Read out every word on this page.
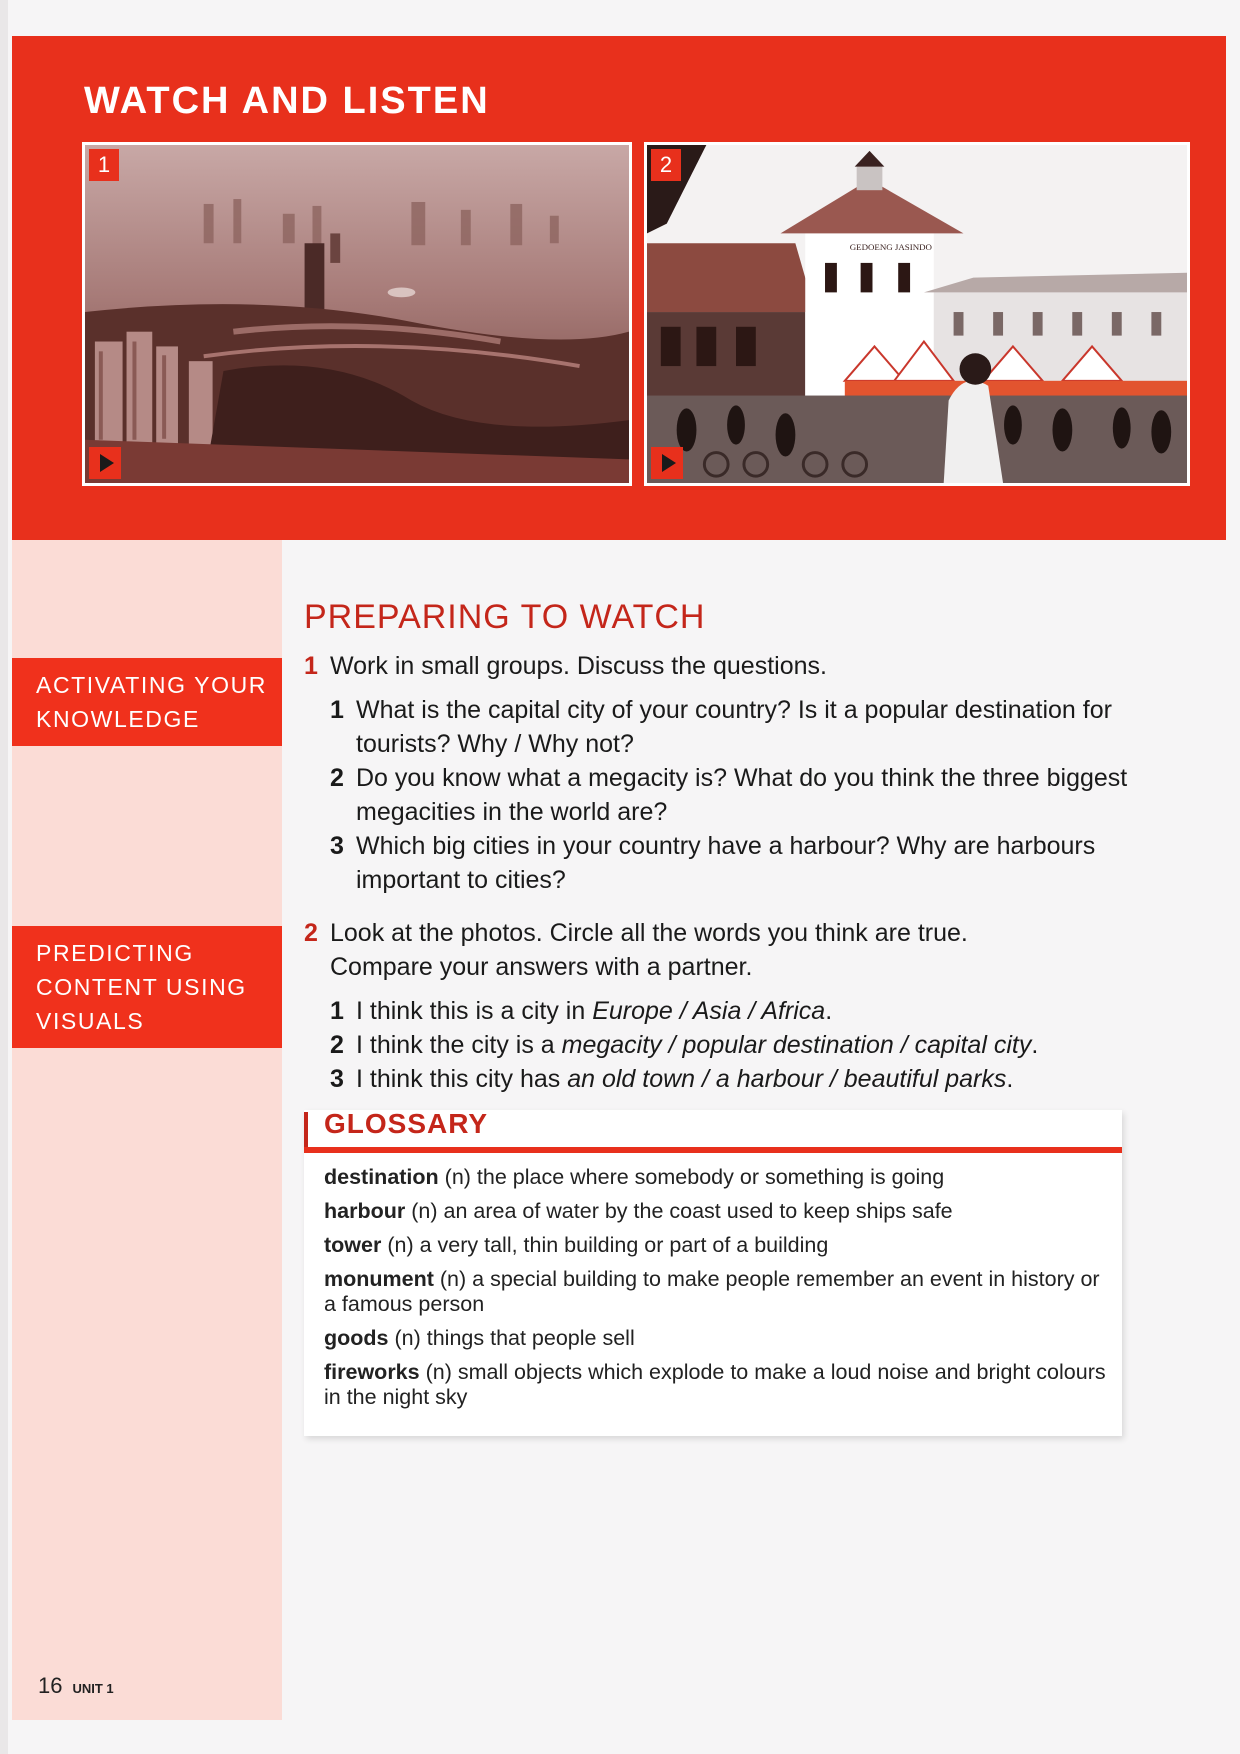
WATCH AND LISTEN
1
GEDOENG JASINDO
2
ACTIVATING YOUR KNOWLEDGE
PREDICTING CONTENT USING VISUALS
PREPARING TO WATCH
1 Work in small groups. Discuss the questions.
1 What is the capital city of your country? Is it a popular destination for tourists? Why / Why not?
2 Do you know what a megacity is? What do you think the three biggest megacities in the world are?
3 Which big cities in your country have a harbour? Why are harbours important to cities?
2 Look at the photos. Circle all the words you think are true. Compare your answers with a partner.
1 I think this is a city in Europe / Asia / Africa.
2 I think the city is a megacity / popular destination / capital city.
3 I think this city has an old town / a harbour / beautiful parks.
GLOSSARY
destination (n) the place where somebody or something is going
harbour (n) an area of water by the coast used to keep ships safe
tower (n) a very tall, thin building or part of a building
monument (n) a special building to make people remember an event in history or a famous person
goods (n) things that people sell
fireworks (n) small objects which explode to make a loud noise and bright colours in the night sky
16 UNIT 1
